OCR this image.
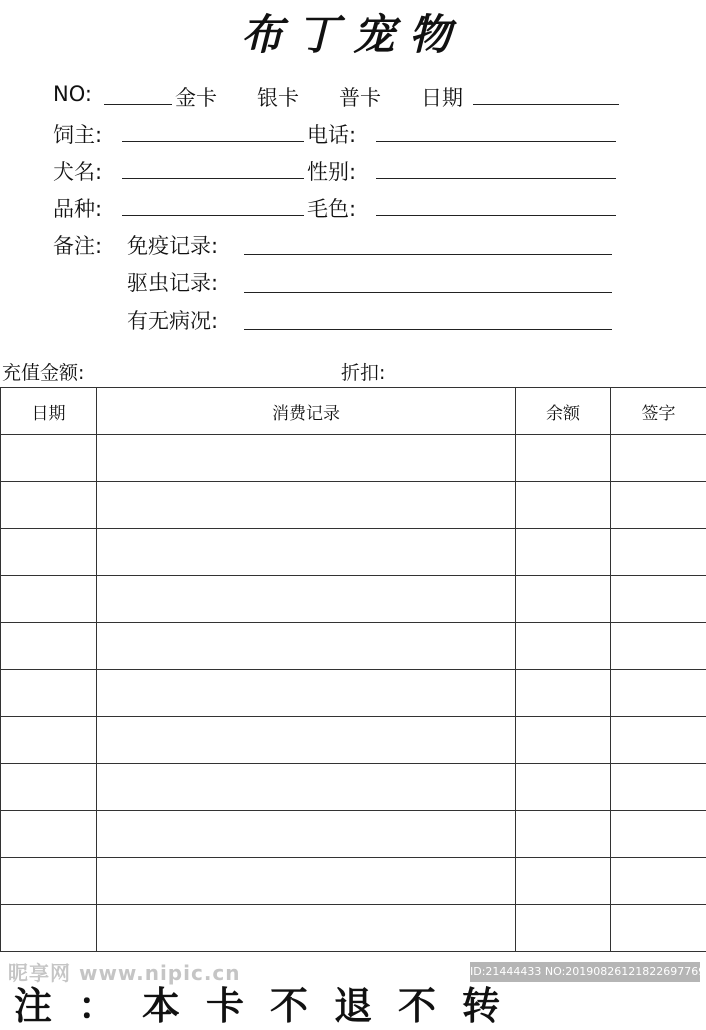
布丁宠物
NO:	金卡 银卡 普卡 日期
饲主:	电话:
犬名:	性别:
品种:	毛色:
备注: 免疫记录:
驱虫记录:
有无病况:
充值金额:	折扣:
日期	消费记录	余额	签字

昵享网 www.nipic.cn	ID:21444433 NO:20190826121822697769
注：本卡不退不转
